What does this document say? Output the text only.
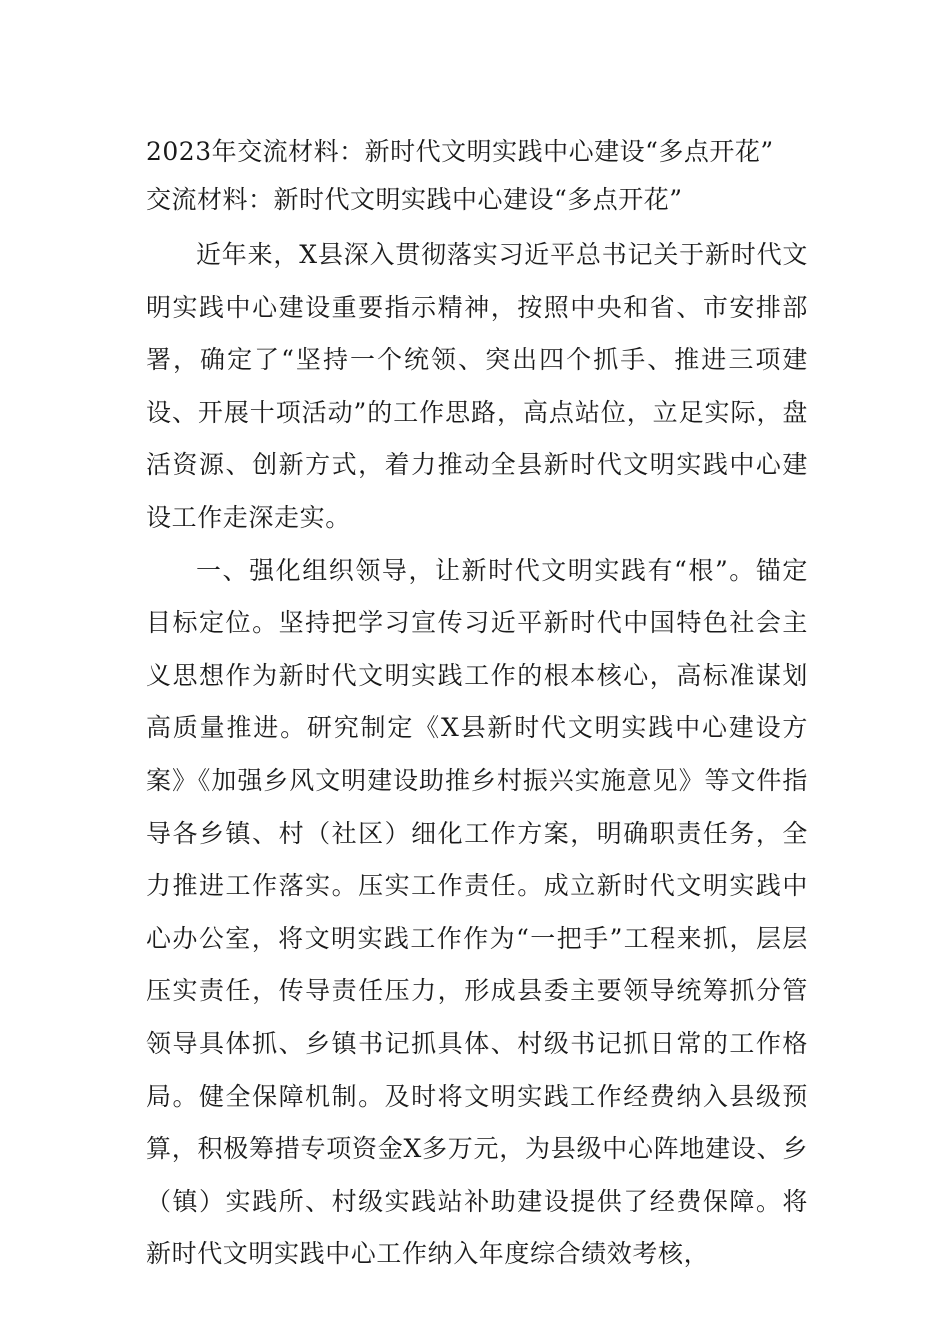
2023年交流材料：新时代文明实践中心建设“多点开花”

交流材料：新时代文明实践中心建设“多点开花”

近年来，X县深入贯彻落实习近平总书记关于新时代文明实践中心建设重要指示精神，按照中央和省、市安排部署，确定了“坚持一个统领、突出四个抓手、推进三项建设、开展十项活动”的工作思路，高点站位，立足实际，盘活资源、创新方式，着力推动全县新时代文明实践中心建设工作走深走实。

一、强化组织领导，让新时代文明实践有“根”。锚定目标定位。坚持把学习宣传习近平新时代中国特色社会主义思想作为新时代文明实践工作的根本核心，高标准谋划高质量推进。研究制定《X县新时代文明实践中心建设方案》《加强乡风文明建设助推乡村振兴实施意见》等文件指导各乡镇、村（社区）细化工作方案，明确职责任务，全力推进工作落实。压实工作责任。成立新时代文明实践中心办公室，将文明实践工作作为“一把手”工程来抓，层层压实责任，传导责任压力，形成县委主要领导统筹抓分管领导具体抓、乡镇书记抓具体、村级书记抓日常的工作格局。健全保障机制。及时将文明实践工作经费纳入县级预算，积极筹措专项资金X多万元，为县级中心阵地建设、乡（镇）实践所、村级实践站补助建设提供了经费保障。将新时代文明实践中心工作纳入年度综合绩效考核，
